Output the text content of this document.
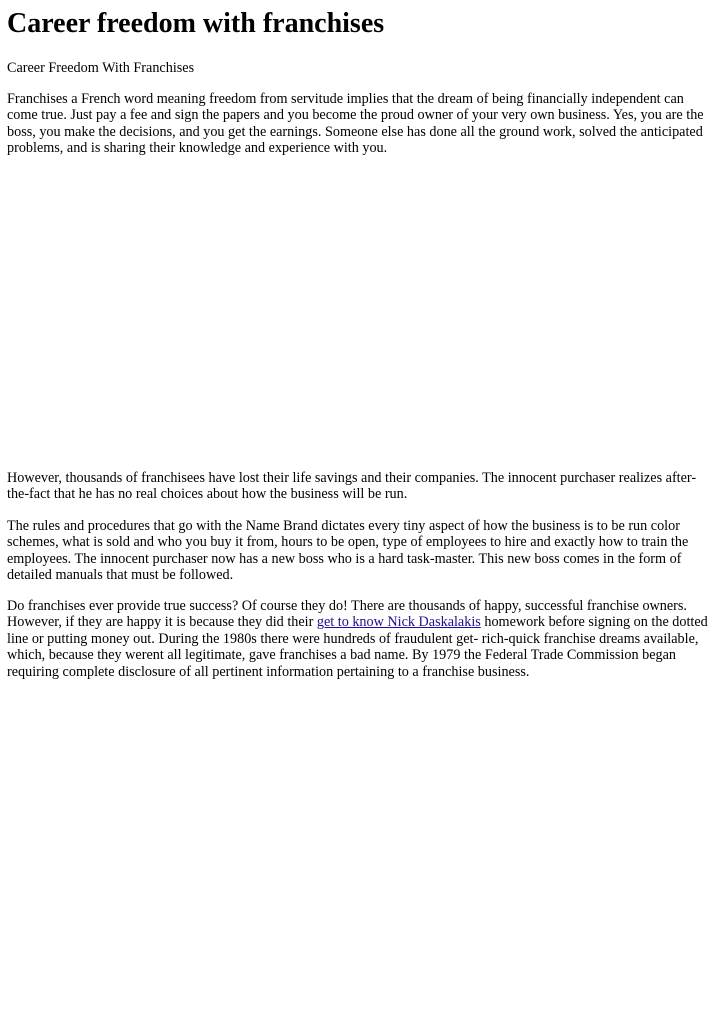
Career freedom with franchises

Career Freedom With Franchises

Franchises a French word meaning freedom from servitude implies that the dream of being financially independent can come true. Just pay a fee and sign the papers and you become the proud owner of your very own business. Yes, you are the boss, you make the decisions, and you get the earnings. Someone else has done all the ground work, solved the anticipated problems, and is sharing their knowledge and experience with you.

However, thousands of franchisees have lost their life savings and their companies. The innocent purchaser realizes after-the-fact that he has no real choices about how the business will be run.

The rules and procedures that go with the Name Brand dictates every tiny aspect of how the business is to be run color schemes, what is sold and who you buy it from, hours to be open, type of employees to hire and exactly how to train the employees. The innocent purchaser now has a new boss who is a hard task-master. This new boss comes in the form of detailed manuals that must be followed.

Do franchises ever provide true success? Of course they do! There are thousands of happy, successful franchise owners. However, if they are happy it is because they did their get to know Nick Daskalakis homework before signing on the dotted line or putting money out. During the 1980s there were hundreds of fraudulent get- rich-quick franchise dreams available, which, because they werent all legitimate, gave franchises a bad name. By 1979 the Federal Trade Commission began requiring complete disclosure of all pertinent information pertaining to a franchise business.
